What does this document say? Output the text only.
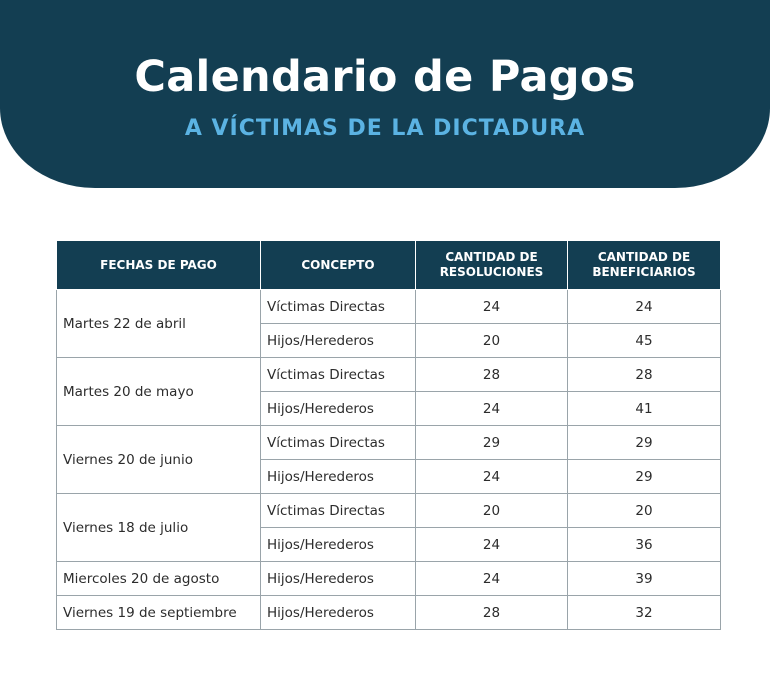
Calendario de Pagos
A VÍCTIMAS DE LA DICTADURA
FECHAS DE PAGO	CONCEPTO	CANTIDAD DE RESOLUCIONES	CANTIDAD DE BENEFICIARIOS
Martes 22 de abril	Víctimas Directas	24	24
	Hijos/Herederos	20	45
Martes 20 de mayo	Víctimas Directas	28	28
	Hijos/Herederos	24	41
Viernes 20 de junio	Víctimas Directas	29	29
	Hijos/Herederos	24	29
Viernes 18 de julio	Víctimas Directas	20	20
	Hijos/Herederos	24	36
Miercoles 20 de agosto	Hijos/Herederos	24	39
Viernes 19 de septiembre	Hijos/Herederos	28	32
